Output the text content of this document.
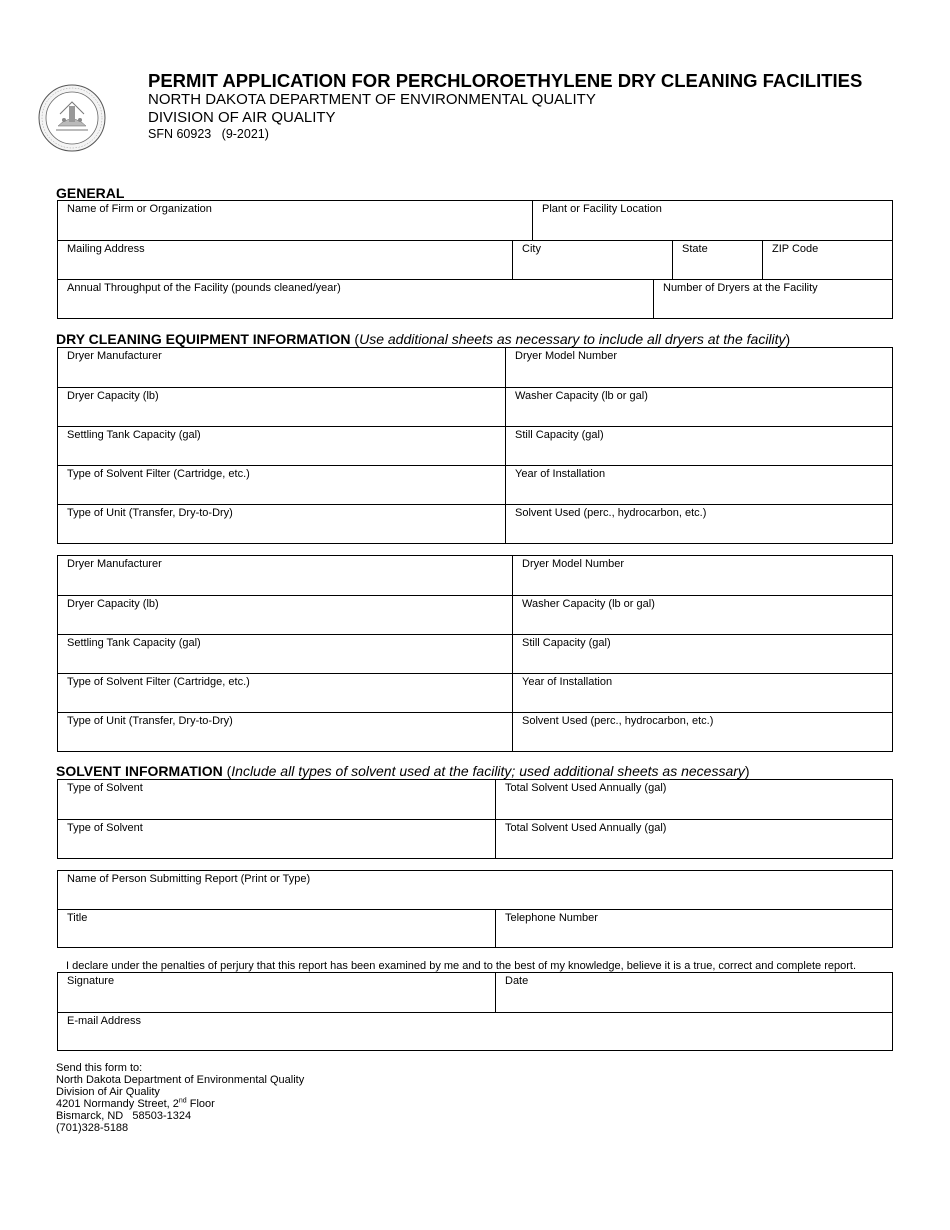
PERMIT APPLICATION FOR PERCHLOROETHYLENE DRY CLEANING FACILITIES
NORTH DAKOTA DEPARTMENT OF ENVIRONMENTAL QUALITY
DIVISION OF AIR QUALITY
SFN 60923   (9-2021)
GENERAL
Name of Firm or Organization	Plant or Facility Location
Mailing Address	City	State	ZIP Code
Annual Throughput of the Facility (pounds cleaned/year)	Number of Dryers at the Facility
DRY CLEANING EQUIPMENT INFORMATION (Use additional sheets as necessary to include all dryers at the facility)
Dryer Manufacturer	Dryer Model Number
Dryer Capacity (lb)	Washer Capacity (lb or gal)
Settling Tank Capacity (gal)	Still Capacity (gal)
Type of Solvent Filter (Cartridge, etc.)	Year of Installation
Type of Unit (Transfer, Dry-to-Dry)	Solvent Used (perc., hydrocarbon, etc.)
Dryer Manufacturer	Dryer Model Number
Dryer Capacity (lb)	Washer Capacity (lb or gal)
Settling Tank Capacity (gal)	Still Capacity (gal)
Type of Solvent Filter (Cartridge, etc.)	Year of Installation
Type of Unit (Transfer, Dry-to-Dry)	Solvent Used (perc., hydrocarbon, etc.)
SOLVENT INFORMATION (Include all types of solvent used at the facility; used additional sheets as necessary)
Type of Solvent	Total Solvent Used Annually (gal)
Type of Solvent	Total Solvent Used Annually (gal)
Name of Person Submitting Report (Print or Type)
Title	Telephone Number
I declare under the penalties of perjury that this report has been examined by me and to the best of my knowledge, believe it is a true, correct and complete report.
Signature	Date
E-mail Address
Send this form to:
North Dakota Department of Environmental Quality
Division of Air Quality
4201 Normandy Street, 2nd Floor
Bismarck, ND   58503-1324
(701)328-5188
